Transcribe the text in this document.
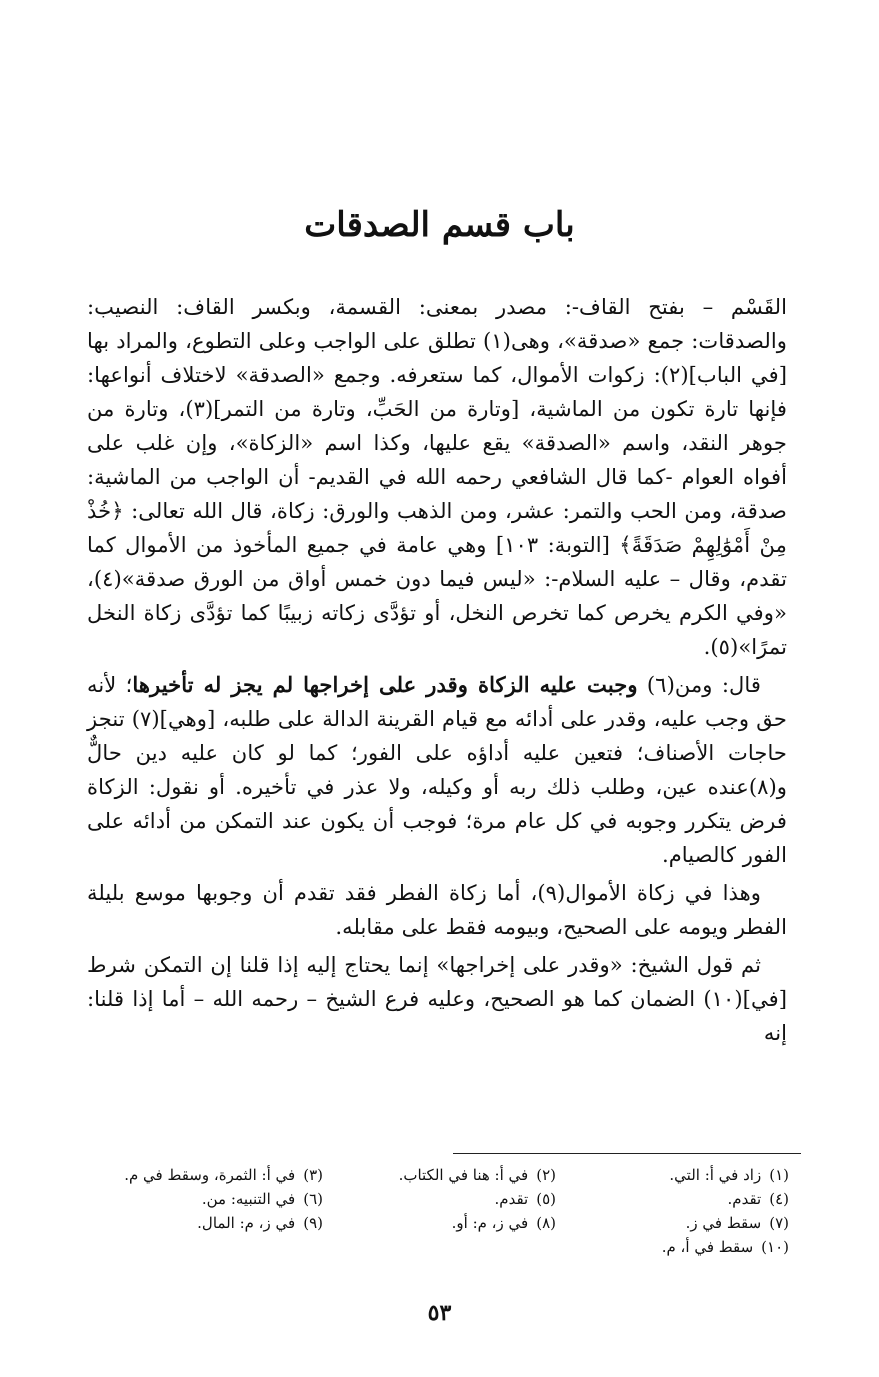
باب قسم الصدقات

القَسْم – بفتح القاف-: مصدر بمعنى: القسمة، وبكسر القاف: النصيب: والصدقات: جمع «صدقة»، وهى(١) تطلق على الواجب وعلى التطوع، والمراد بها [في الباب](٢): زكوات الأموال، كما ستعرفه. وجمع «الصدقة» لاختلاف أنواعها: فإنها تارة تكون من الماشية، [وتارة من الحَبِّ، وتارة من التمر](٣)، وتارة من جوهر النقد، واسم «الصدقة» يقع عليها، وكذا اسم «الزكاة»، وإن غلب على أفواه العوام -كما قال الشافعي رحمه الله في القديم- أن الواجب من الماشية: صدقة، ومن الحب والتمر: عشر، ومن الذهب والورق: زكاة، قال الله تعالى: ﴿خُذْ مِنْ أَمْوَٰلِهِمْ صَدَقَةً﴾ [التوبة: ١٠٣] وهي عامة في جميع المأخوذ من الأموال كما تقدم، وقال – عليه السلام-: «ليس فيما دون خمس أواق من الورق صدقة»(٤)، «وفي الكرم يخرص كما تخرص النخل، أو تؤدَّى زكاته زبيبًا كما تؤدَّى زكاة النخل تمرًا»(٥).

قال: ومن(٦) وجبت عليه الزكاة وقدر على إخراجها لم يجز له تأخيرها؛ لأنه حق وجب عليه، وقدر على أدائه مع قيام القرينة الدالة على طلبه، [وهي](٧) تنجز حاجات الأصناف؛ فتعين عليه أداؤه على الفور؛ كما لو كان عليه دين حالٌّ و(٨)عنده عين، وطلب ذلك ربه أو وكيله، ولا عذر في تأخيره. أو نقول: الزكاة فرض يتكرر وجوبه في كل عام مرة؛ فوجب أن يكون عند التمكن من أدائه على الفور كالصيام.

وهذا في زكاة الأموال(٩)، أما زكاة الفطر فقد تقدم أن وجوبها موسع بليلة الفطر ويومه على الصحيح، وبيومه فقط على مقابله.

ثم قول الشيخ: «وقدر على إخراجها» إنما يحتاج إليه إذا قلنا إن التمكن شرط [في](١٠) الضمان كما هو الصحيح، وعليه فرع الشيخ – رحمه الله – أما إذا قلنا: إنه

(١)زاد في أ: التي.
(٢)في أ: هنا في الكتاب.
(٣)في أ: الثمرة، وسقط في م.
(٤)تقدم.
(٥)تقدم.
(٦)في التنبيه: من.
(٧)سقط في ز.
(٨)في ز، م: أو.
(٩)في ز، م: المال.
(١٠)سقط في أ، م.
٥٣
